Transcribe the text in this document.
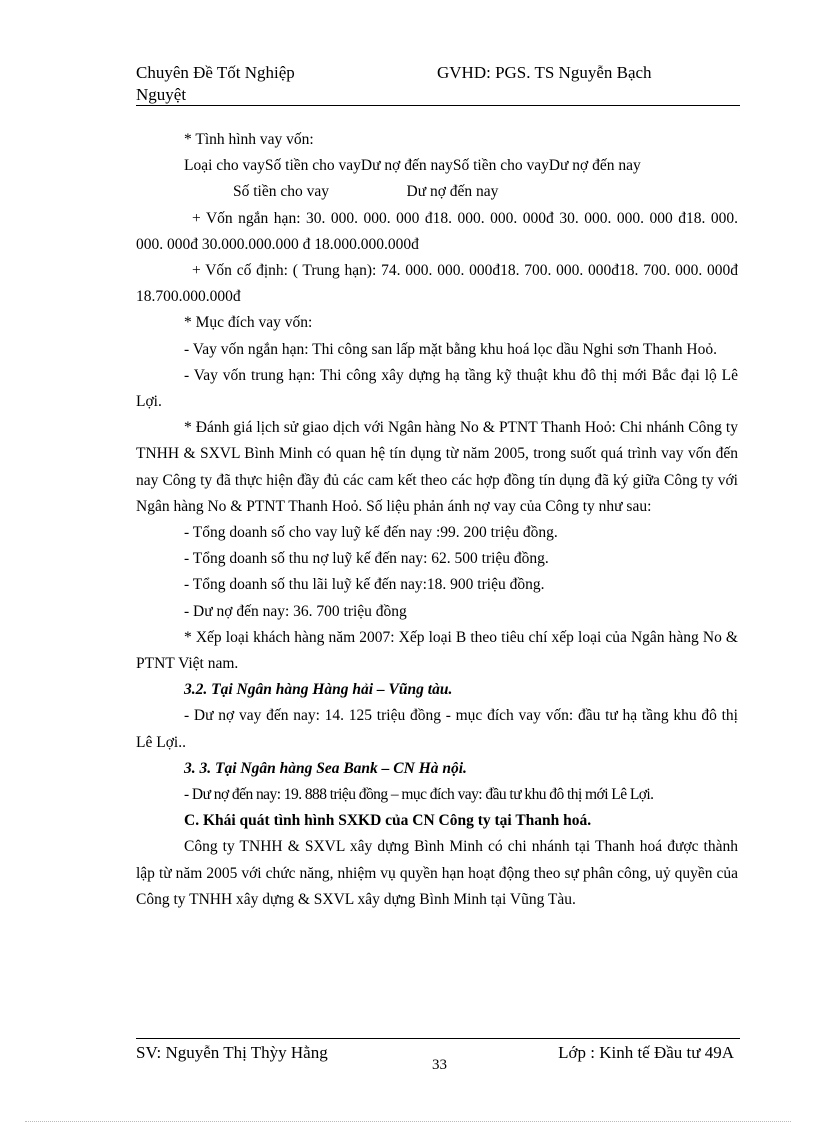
Chuyên Đề Tốt Nghiệp	GVHD: PGS. TS Nguyễn Bạch
Nguyệt
* Tình hình vay vốn:
Loại cho vaySố tiền cho vayDư nợ đến naySố tiền cho vayDư nợ đến nay
Số tiền cho vay                    Dư nợ đến nay
+ Vốn ngắn hạn: 30. 000. 000. 000 đ18. 000. 000. 000đ 30. 000. 000. 000 đ18. 000. 000. 000đ 30.000.000.000 đ 18.000.000.000đ
+ Vốn cố định: ( Trung hạn): 74. 000. 000. 000đ18. 700. 000. 000đ18. 700. 000. 000đ 18.700.000.000đ
* Mục đích vay vốn:
- Vay vốn ngắn hạn: Thi công san lấp mặt bằng khu hoá lọc dầu Nghi sơn Thanh Hoỏ.
- Vay vốn trung hạn: Thi công xây dựng hạ tầng kỹ thuật khu đô thị mới Bắc đại lộ Lê Lợi.
* Đánh giá lịch sử giao dịch với Ngân hàng No & PTNT Thanh Hoỏ: Chi nhánh Công ty TNHH & SXVL Bình Minh có quan hệ tín dụng từ năm 2005, trong suốt quá trình vay vốn đến nay Công ty đã thực hiện đầy đủ các cam kết theo các hợp đồng tín dụng đã ký giữa Công ty với Ngân hàng No & PTNT Thanh Hoỏ. Số liệu phản ánh nợ vay của Công ty như sau:
- Tổng doanh số cho vay luỹ kế đến nay :99. 200 triệu đồng.
- Tổng doanh số thu nợ luỹ kế đến nay: 62. 500 triệu đồng.
- Tổng doanh số thu lãi luỹ kế đến nay:18. 900 triệu đồng.
- Dư nợ đến nay: 36. 700 triệu đồng
* Xếp loại khách hàng năm 2007: Xếp loại B theo tiêu chí xếp loại của Ngân hàng No & PTNT Việt nam.
3.2. Tại Ngân hàng Hàng hải – Vũng tàu.
- Dư nợ vay đến nay: 14. 125 triệu đồng - mục đích vay vốn: đầu tư hạ tầng khu đô thị Lê Lợi..
3. 3. Tại Ngân hàng Sea Bank – CN Hà nội.
- Dư nợ đến nay: 19. 888 triệu đồng – mục đích vay: đầu tư khu đô thị mới Lê Lợi.
C. Khái quát tình hình SXKD của CN Công ty tại Thanh hoá.
Công ty TNHH & SXVL xây dựng Bình Minh có chi nhánh tại Thanh hoá được thành lập từ năm 2005 với chức năng, nhiệm vụ quyền hạn hoạt động theo sự phân công, uỷ quyền của Công ty TNHH xây dựng & SXVL xây dựng Bình Minh tại Vũng Tàu.
SV: Nguyễn Thị Thỳy Hằng
33
Lớp : Kinh tế Đầu tư 49A
